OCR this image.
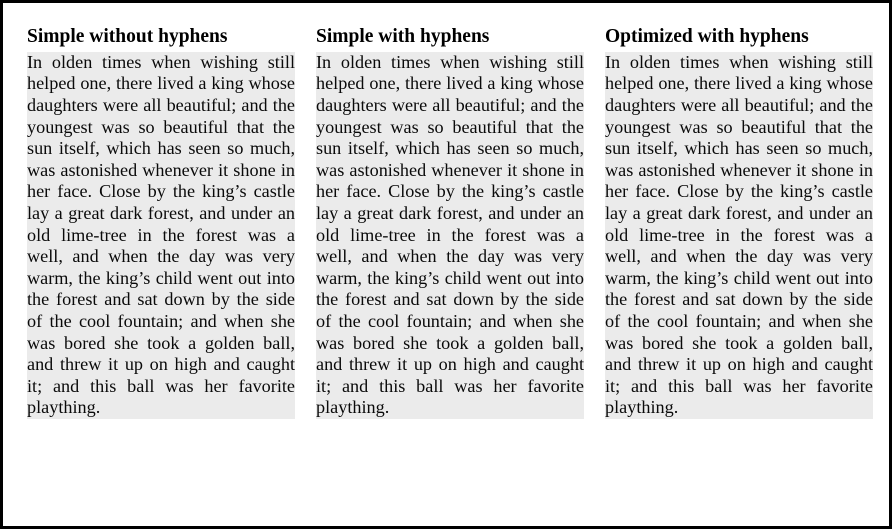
Simple without hyphens
In olden times when wishing still helped one, there lived a king whose daughters were all beautiful; and the youngest was so beautiful that the sun itself, which has seen so much, was astonished whenever it shone in her face. Close by the king’s castle lay a great dark forest, and under an old lime-tree in the forest was a well, and when the day was very warm, the king’s child went out into the forest and sat down by the side of the cool fountain; and when she was bored she took a golden ball, and threw it up on high and caught it; and this ball was her favorite plaything.
Simple with hyphens
In olden times when wishing still helped one, there lived a king whose daughters were all beautiful; and the youngest was so beautiful that the sun itself, which has seen so much, was astonished whenever it shone in her face. Close by the king’s castle lay a great dark forest, and under an old lime-tree in the forest was a well, and when the day was very warm, the king’s child went out into the forest and sat down by the side of the cool fountain; and when she was bored she took a golden ball, and threw it up on high and caught it; and this ball was her favorite plaything.
Optimized with hyphens
In olden times when wishing still helped one, there lived a king whose daughters were all beautiful; and the youngest was so beautiful that the sun itself, which has seen so much, was astonished whenever it shone in her face. Close by the king’s castle lay a great dark forest, and under an old lime-tree in the forest was a well, and when the day was very warm, the king’s child went out into the forest and sat down by the side of the cool fountain; and when she was bored she took a golden ball, and threw it up on high and caught it; and this ball was her favorite plaything.
